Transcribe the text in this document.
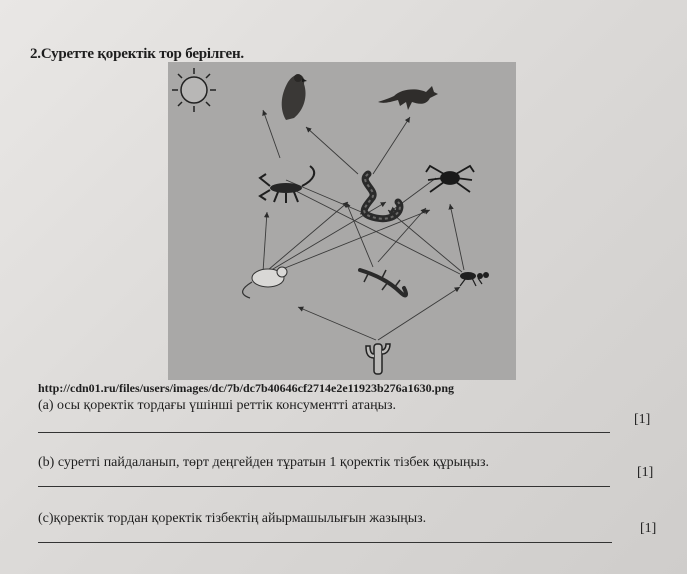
2.Суретте қоректік тор берілген.
http://cdn01.ru/files/users/images/dc/7b/dc7b40646cf2714e2e11923b276a1630.png
(а) осы қоректік тордағы үшінші реттік консументті атаңыз.
[1]
(b) суретті пайдаланып, төрт деңгейден тұратын 1 қоректік тізбек құрыңыз.
[1]
(с)қоректік тордан қоректік тізбектің айырмашылығын жазыңыз.
[1]
